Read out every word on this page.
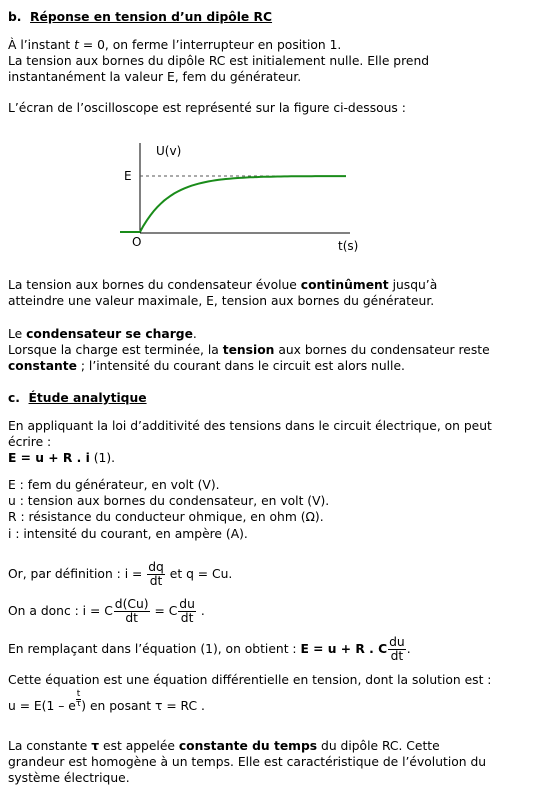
b. Réponse en tension d’un dipôle RC
À l’instant t = 0, on ferme l’interrupteur en position 1.
La tension aux bornes du dipôle RC est initialement nulle. Elle prend
instantanément la valeur E, fem du générateur.
L’écran de l’oscilloscope est représenté sur la figure ci-dessous :
U(v)
E
O	t(s)
La tension aux bornes du condensateur évolue continûment jusqu’à
atteindre une valeur maximale, E, tension aux bornes du générateur.
Le condensateur se charge.
Lorsque la charge est terminée, la tension aux bornes du condensateur reste
constante ; l’intensité du courant dans le circuit est alors nulle.
c. Étude analytique
En appliquant la loi d’additivité des tensions dans le circuit électrique, on peut
écrire :
E = u + R . i (1).
E : fem du générateur, en volt (V).
u : tension aux bornes du condensateur, en volt (V).
R : résistance du conducteur ohmique, en ohm (Ω).
i : intensité du courant, en ampère (A).
Or, par définition : $i = \frac{dq}{dt}$ et q = Cu.
On a donc : i = C $\frac{d(Cu)}{dt} = C \frac{du}{dt}$ .
En remplaçant dans l’équation (1), on obtient : E = u + R . C $\frac{du}{dt}$ .
Cette équation est une équation différentielle en tension, dont la solution est :
u = E(1 – e $\frac{t}{\tau}$ ) en posant τ = RC .
La constante τ est appelée constante du temps du dipôle RC. Cette
grandeur est homogène à un temps. Elle est caractéristique de l’évolution du
système électrique.
